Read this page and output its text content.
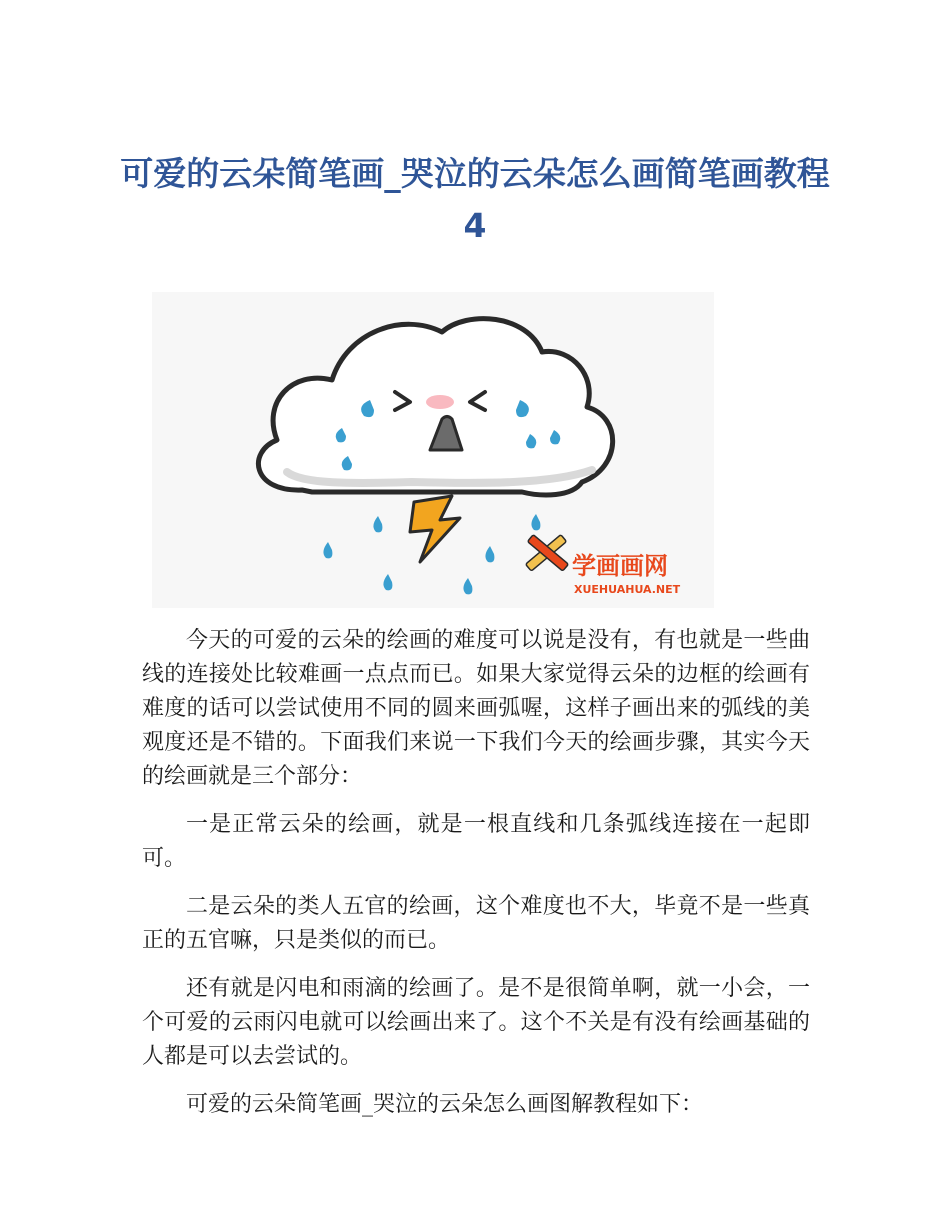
可爱的云朵简笔画_哭泣的云朵怎么画简笔画教程 4
学画画网
XUEHUAHUA.NET

今天的可爱的云朵的绘画的难度可以说是没有，有也就是一些曲线的连接处比较难画一点点而已。如果大家觉得云朵的边框的绘画有难度的话可以尝试使用不同的圆来画弧喔，这样子画出来的弧线的美观度还是不错的。下面我们来说一下我们今天的绘画步骤，其实今天的绘画就是三个部分：

一是正常云朵的绘画，就是一根直线和几条弧线连接在一起即可。

二是云朵的类人五官的绘画，这个难度也不大，毕竟不是一些真正的五官嘛，只是类似的而已。

还有就是闪电和雨滴的绘画了。是不是很简单啊，就一小会，一个可爱的云雨闪电就可以绘画出来了。这个不关是有没有绘画基础的人都是可以去尝试的。

可爱的云朵简笔画_哭泣的云朵怎么画图解教程如下：
